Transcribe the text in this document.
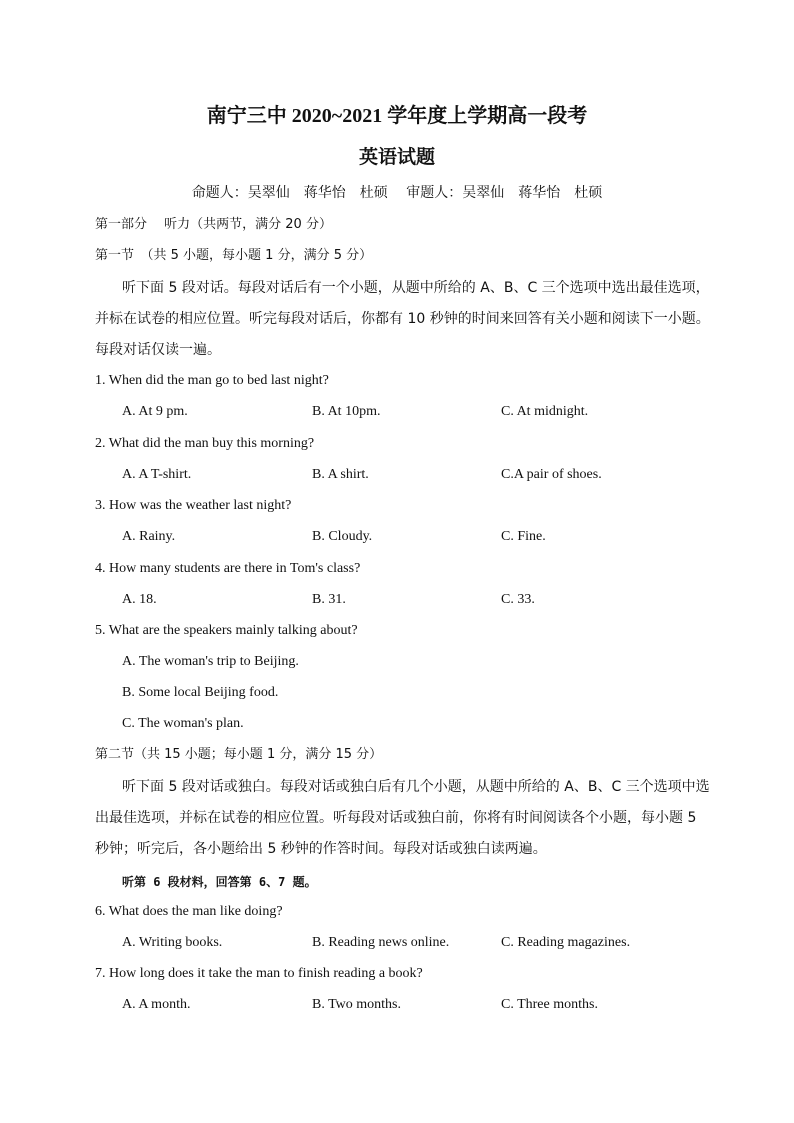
南宁三中 2020~2021 学年度上学期高一段考
英语试题
命题人：吴翠仙　蒋华怡　杜硕　 审题人：吴翠仙　蒋华怡　杜硕
第一部分　 听力（共两节，满分 20 分）
第一节　（共 5 小题，每小题 1 分，满分 5 分）
听下面 5 段对话。每段对话后有一个小题，从题中所给的 A、B、C 三个选项中选出最佳选项，
并标在试卷的相应位置。听完每段对话后，你都有 10 秒钟的时间来回答有关小题和阅读下一小题。
每段对话仅读一遍。
1. When did the man go to bed last night?
A. At 9 pm.	B. At 10pm.	C. At midnight.
2. What did the man buy this morning?
A. A T-shirt.	B. A shirt.	C.A pair of shoes.
3. How was the weather last night?
A. Rainy.	B. Cloudy.	C. Fine.
4. How many students are there in Tom's class?
A. 18.	B. 31.	C. 33.
5. What are the speakers mainly talking about?
A. The woman's trip to Beijing.
B. Some local Beijing food.
C. The woman's plan.
第二节（共 15 小题；每小题 1 分，满分 15 分）
听下面 5 段对话或独白。每段对话或独白后有几个小题，从题中所给的 A、B、C 三个选项中选
出最佳选项，并标在试卷的相应位置。听每段对话或独白前，你将有时间阅读各个小题，每小题 5
秒钟；听完后，各小题给出 5 秒钟的作答时间。每段对话或独白读两遍。
听第 6 段材料，回答第 6、7 题。
6. What does the man like doing?
A. Writing books.	B. Reading news online.	C. Reading magazines.
7. How long does it take the man to finish reading a book?
A. A month.	B. Two months.	C. Three months.
